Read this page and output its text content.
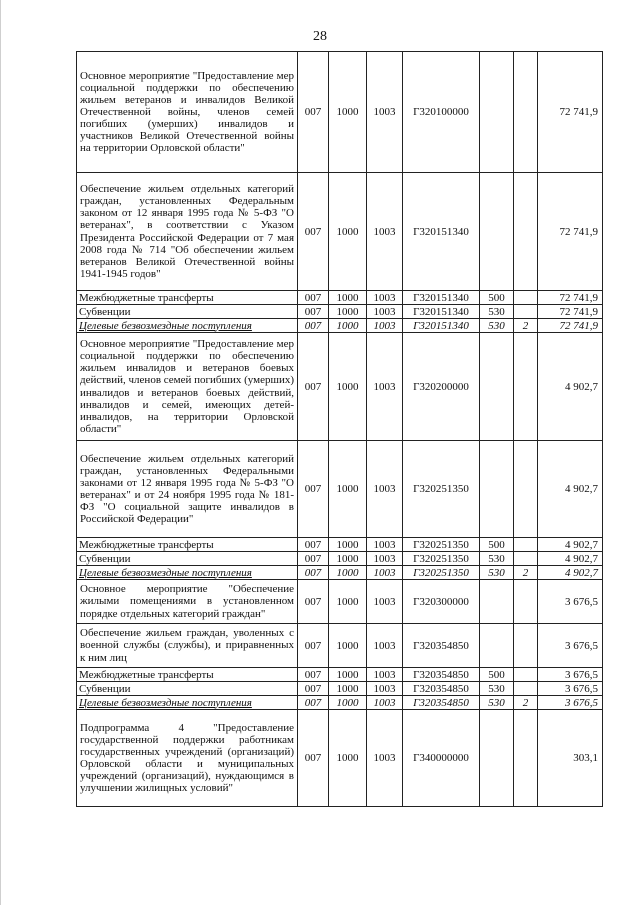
28
Основное мероприятие "Предоставление мер социальной поддержки по обеспечению жильем ветеранов и инвалидов Великой Отечественной войны, членов семей погибших (умерших) инвалидов и участников Великой Отечественной войны на территории Орловской области"	007	1000	1003	Г320100000			72 741,9
Обеспечение жильем отдельных категорий граждан, установленных Федеральным законом от 12 января 1995 года № 5-ФЗ "О ветеранах", в соответствии с Указом Президента Российской Федерации от 7 мая 2008 года № 714 "Об обеспечении жильем ветеранов Великой Отечественной войны 1941-1945 годов"	007	1000	1003	Г320151340			72 741,9
Межбюджетные трансферты	007	1000	1003	Г320151340	500		72 741,9
Субвенции	007	1000	1003	Г320151340	530		72 741,9
Целевые безвозмездные поступления	007	1000	1003	Г320151340	530	2	72 741,9
Основное мероприятие "Предоставление мер социальной поддержки по обеспечению жильем инвалидов и ветеранов боевых действий, членов семей погибших (умерших) инвалидов и ветеранов боевых действий, инвалидов и семей, имеющих детей-инвалидов, на территории Орловской области"	007	1000	1003	Г320200000			4 902,7
Обеспечение жильем отдельных категорий граждан, установленных Федеральными законами от 12 января 1995 года № 5-ФЗ "О ветеранах" и от 24 ноября 1995 года № 181-ФЗ "О социальной защите инвалидов в Российской Федерации"	007	1000	1003	Г320251350			4 902,7
Межбюджетные трансферты	007	1000	1003	Г320251350	500		4 902,7
Субвенции	007	1000	1003	Г320251350	530		4 902,7
Целевые безвозмездные поступления	007	1000	1003	Г320251350	530	2	4 902,7
Основное мероприятие "Обеспечение жилыми помещениями в установленном порядке отдельных категорий граждан"	007	1000	1003	Г320300000			3 676,5
Обеспечение жильем граждан, уволенных с военной службы (службы), и приравненных к ним лиц	007	1000	1003	Г320354850			3 676,5
Межбюджетные трансферты	007	1000	1003	Г320354850	500		3 676,5
Субвенции	007	1000	1003	Г320354850	530		3 676,5
Целевые безвозмездные поступления	007	1000	1003	Г320354850	530	2	3 676,5
Подпрограмма 4 "Предоставление государственной поддержки работникам государственных учреждений (организаций) Орловской области и муниципальных учреждений (организаций), нуждающимся в улучшении жилищных условий"	007	1000	1003	Г340000000			303,1
